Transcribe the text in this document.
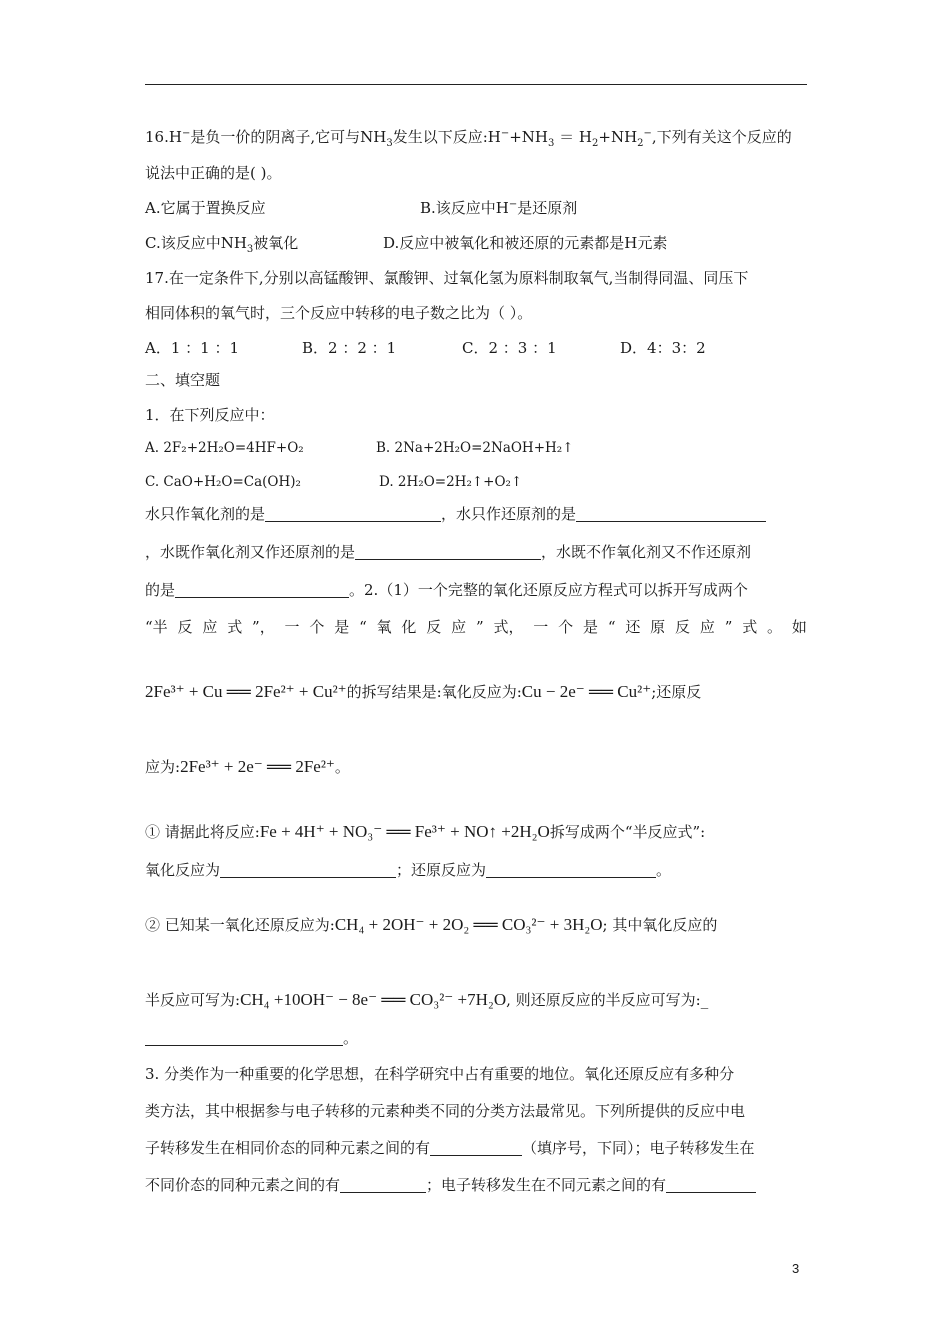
16.H−是负一价的阴离子,它可与$NH_3$发生以下反应$:H^-+NH_3 = H_2+NH_2^-$,下列有关这个反应的
说法中正确的是( )。
A.它属于置换反应	B.该反应中H−是还原剂
C.该反应中$NH_3$被氧化	D.反应中被氧化和被还原的元素都是H元素
17.在一定条件下,分别以高锰酸钾、氯酸钾、过氧化氢为原料制取氧气,当制得同温、同压下
相同体积的氧气时，三个反应中转移的电子数之比为（ ）。
A．1 ：1 ：1	B．2 ：2 ：1	C．2 ：3 ：1	D．4：3：2
二、填空题
1．在下列反应中：
A. 2F₂+2H₂O=4HF+O₂	B. 2Na+2H₂O=2NaOH+H₂↑
C. CaO+H₂O=Ca(OH)₂	D. 2H₂O=2H₂↑+O₂↑
水只作氧化剂的是	，水只作还原剂的是
，水既作氧化剂又作还原剂的是	，水既不作氧化剂又不作还原剂
的是	。2.（1）一个完整的氧化还原反应方程式可以拆开写成两个
“半 反 应 式 ”， 一 个 是 “ 氧 化 反 应 ” 式， 一 个 是 “ 还 原 反 应 ” 式 。 如
2Fe³⁺ + Cu ══ 2Fe²⁺ + Cu²⁺的拆写结果是:氧化反应为:Cu − 2e⁻ ══ Cu²⁺;还原反
应为:2Fe³⁺ + 2e⁻ ══ 2Fe²⁺。
① 请据此将反应:Fe + 4H⁺ + NO₃⁻ ══ Fe³⁺ + NO↑ +2H₂O拆写成两个“半反应式”:
氧化反应为	；还原反应为	。
② 已知某一氧化还原反应为:CH₄ + 2OH⁻ + 2O₂ ══ CO₃²⁻ + 3H₂O; 其中氧化反应的
半反应可写为:CH₄ +10OH⁻ − 8e⁻ ══ CO₃²⁻ +7H₂O, 则还原反应的半反应可写为:_
。
3. 分类作为一种重要的化学思想，在科学研究中占有重要的地位。氧化还原反应有多种分
类方法，其中根据参与电子转移的元素种类不同的分类方法最常见。下列所提供的反应中电
子转移发生在相同价态的同种元素之间的有	（填序号，下同）；电子转移发生在
不同价态的同种元素之间的有	；电子转移发生在不同元素之间的有
3
